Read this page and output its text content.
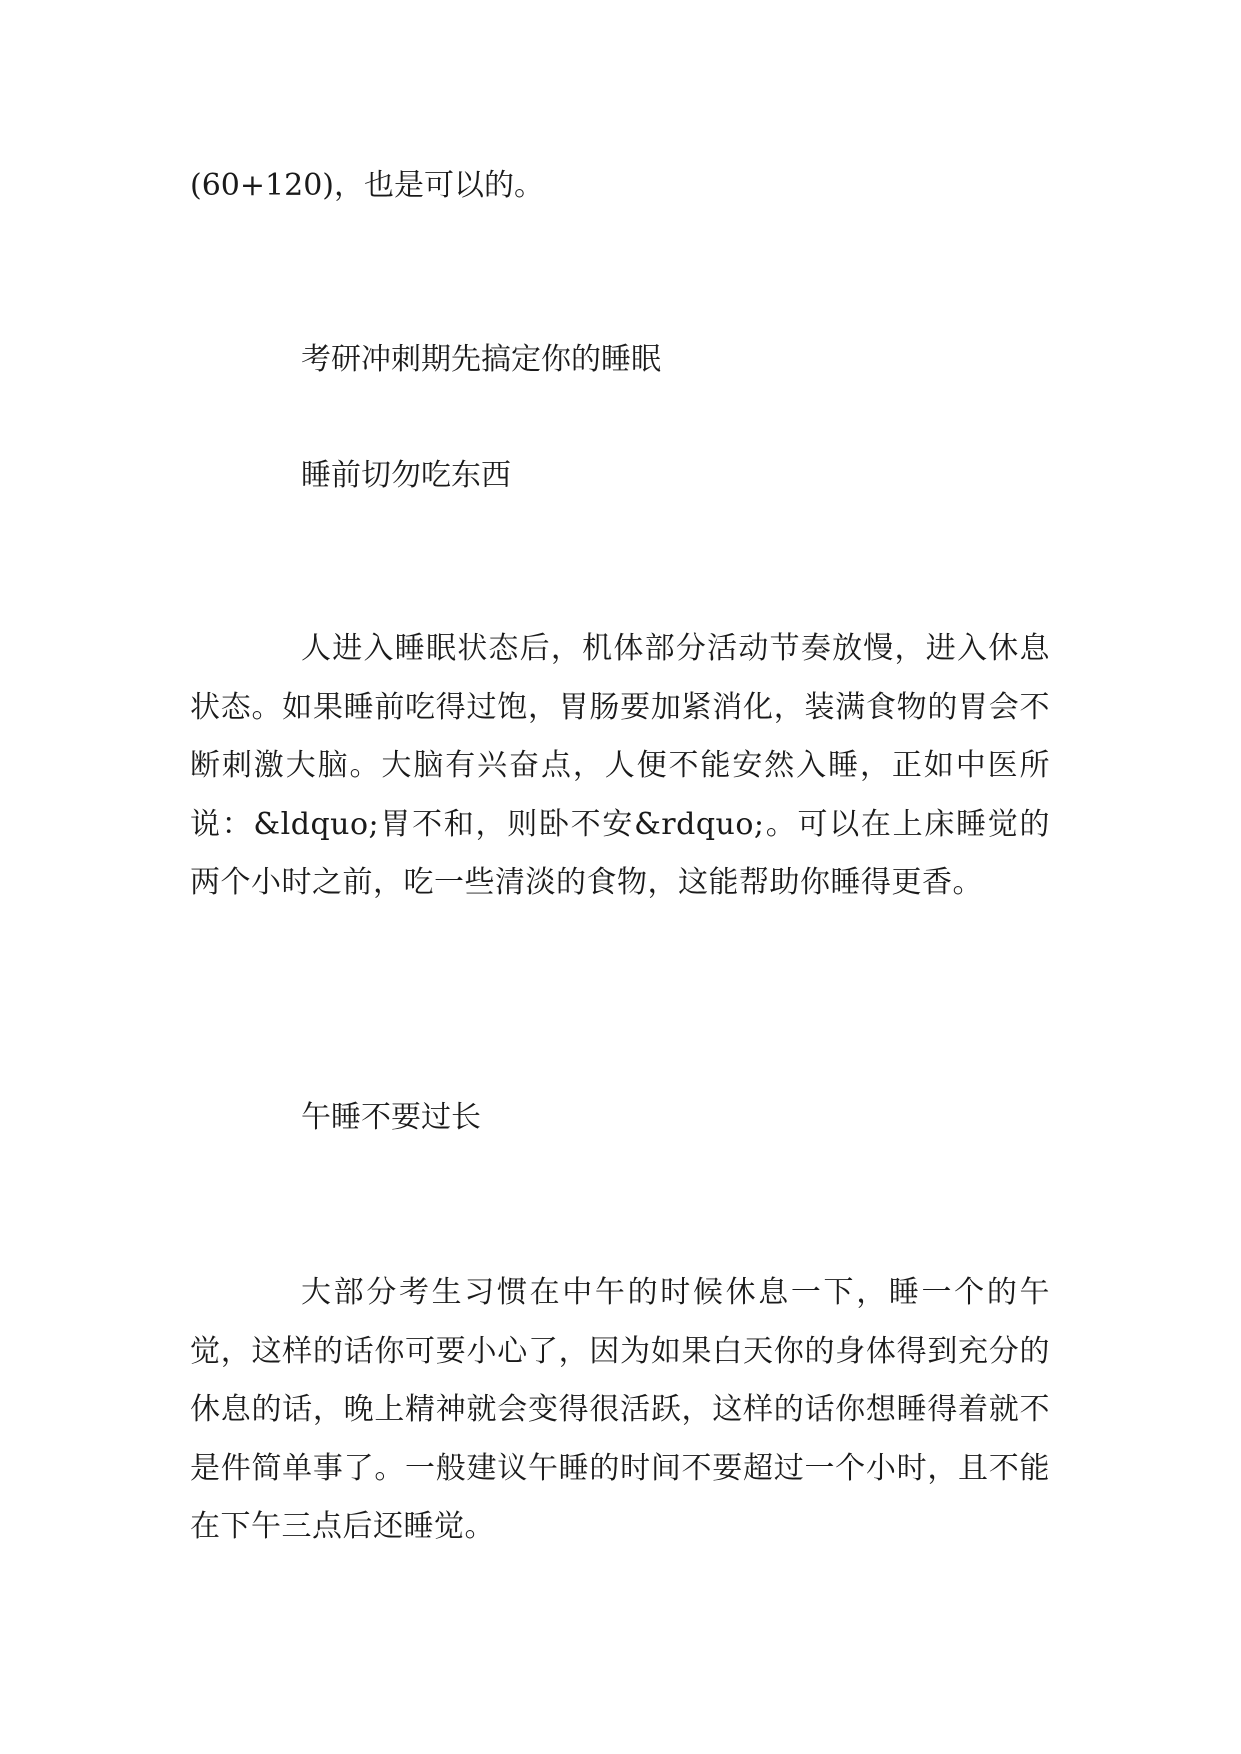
(60+120)，也是可以的。
考研冲刺期先搞定你的睡眠
睡前切勿吃东西
人进入睡眠状态后，机体部分活动节奏放慢，进入休息状态。如果睡前吃得过饱，胃肠要加紧消化，装满食物的胃会不断刺激大脑。大脑有兴奋点，人便不能安然入睡，正如中医所说：&ldquo;胃不和，则卧不安&rdquo;。可以在上床睡觉的两个小时之前，吃一些清淡的食物，这能帮助你睡得更香。
午睡不要过长
大部分考生习惯在中午的时候休息一下，睡一个的午觉，这样的话你可要小心了，因为如果白天你的身体得到充分的休息的话，晚上精神就会变得很活跃，这样的话你想睡得着就不是件简单事了。一般建议午睡的时间不要超过一个小时，且不能在下午三点后还睡觉。
